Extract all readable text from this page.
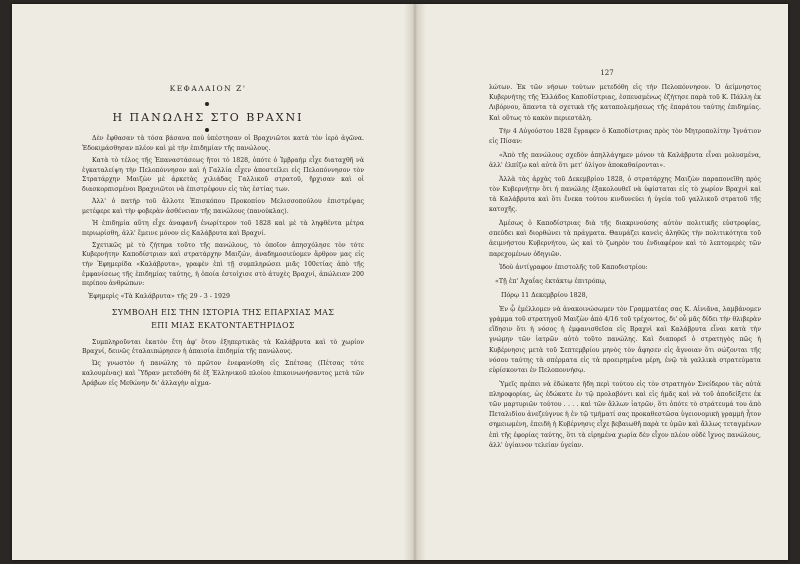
ΚΕΦΑΛΑΙΟΝ Ζ'
Η ΠΑΝΩΛΗΣ ΣΤΟ ΒΡΑΧΝΙ

Δὲν ἔφθασαν τὰ τόσα βάσανα ποὺ ὑπέστησαν οἱ Βραχνιῶτοι κατὰ τὸν ἱερὸ ἀγῶνα. Ἐδοκιμάσθησαν πλέον καὶ μὲ τὴν ἐπιδημίαν τῆς πανώλους.

Κατὰ τὸ τέλος τῆς Ἐπαναστάσεως ἤτοι τὸ 1828, ὁπότε ὁ Ἰμβραὴμ εἶχε διαταχθῆ νὰ ἐγκαταλείψη τὴν Πελοπόννησον καὶ ἡ Γαλλία εἶχεν ἀποστείλει εἰς Πελοπόννησον τὸν Στρατάρχην Μαιζὼν μὲ ἀρκετὰς χιλιάδας Γαλλικοῦ στρατοῦ, ἤρχισαν καὶ οἱ διασκορπισμένοι Βραχνιῶτοι νὰ ἐπιστρέφουν εἰς τὰς ἑστίας των.

Ἀλλ' ὁ πατὴρ τοῦ ἄλλοτε Ἐπισκόπου Προκοπίου Μελισσοπούλου ἐπιστρέψας μετέφερε καὶ τὴν φοβερὰν ἀσθένειαν τῆς πανώλους (πανούκλας).

Ἡ ἐπιδημία αὕτη εἶχε ἀναφανῆ ἐνωρίτερον τοῦ 1828 καὶ μὲ τὰ ληφθέντα μέτρα περιωρίσθη, ἀλλ' ἔμεινε μόνον εἰς Καλάβρυτα καὶ Βραχνί.

Σχετικῶς μὲ τὸ ζήτημα τοῦτο τῆς πανώλους, τὸ ὁποῖον ἀπησχόλησε τὸν τότε Κυβερνήτην Καποδίστριαν καὶ στρατάρχην Μαιζών, ἀναδημοσιεύομεν ἄρθρον μας εἰς τὴν Ἐφημερίδα «Καλάβρυτα», γραφὲν ἐπὶ τῇ συμπληρώσει μιᾶς 100ετίας ἀπὸ τῆς ἐμφανίσεως τῆς ἐπιδημίας ταύτης, ἡ ὁποία ἐστοίχισε στὸ ἀτυχὲς Βραχνί, ἀπώλειαν 200 περίπου ἀνθρώπων:

Ἐφημερὶς «Τὰ Καλάβρυτα» τῆς 29 - 3 - 1929
ΣΥΜΒΟΛΗ ΕΙΣ ΤΗΝ ΙΣΤΟΡΙΑ ΤΗΣ ΕΠΑΡΧΙΑΣ ΜΑΣ
ΕΠΙ ΜΙΑΣ ΕΚΑΤΟΝΤΑΕΤΗΡΙΔΟΣ

Συμπληροῦνται ἑκατὸν ἔτη ἀφ' ὅτου ἐξηπερτικὰς τὰ Καλάβρυτα καὶ τὸ χωρίον Βραχνί, δεινῶς ἐταλαιπώρησεν ἡ ἀπαισία ἐπιδημία τῆς πανώλους.

Ὡς γνωστὸν ἡ πανώλης τὸ πρῶτον ἐνεφανίσθη εἰς Σπέτσας (Πέτσας τότε καλουμένας) καὶ Ὕδραν μετεδόθη δὲ ἐξ Ἑλληνικοῦ πλοίου ἐπικοινωνήσαντος μετὰ τῶν Ἀράβων εἰς Μεθώνην δι' ἀλλαγὴν αἰχμα-

127

λώτων. Ἐκ τῶν νήσων τούτων μετεδόθη εἰς τὴν Πελοπόννησον. Ὁ ἀείμνηστος Κυβερνήτης τῆς Ἑλλάδος Καποδίστριας, ἐσπευσμένως ἐζήτησε παρὰ τοῦ Κ. Πάλλη ἐκ Λιβόρνου, ἅπαντα τὰ σχετικὰ τῆς καταπολεμήσεως τῆς ἐπαράτου ταύτης ἐπιδημίας. Καὶ οὕτως τὸ κακὸν περιεστάλη.

Τὴν 4 Αὐγούστου 1828 ἔγραφεν ὁ Καποδίστριας πρὸς τὸν Μητροπολίτην Ἰγνάτιον εἰς Πίσαν:

«Ἀπὸ τῆς πανώλους σχεδὸν ἀπηλλάγημεν μόνον τὰ Καλάβρυτα εἶναι μολυσμένα, ἀλλ' ἐλπίζω καὶ αὐτὰ ὅτι μετ' ὀλίγον ἀποκαθαίρονται».

Ἀλλὰ τὰς ἀρχὰς τοῦ Δεκεμβρίου 1828, ὁ στρατάρχης Μαιζὼν παραπονεῖθη πρὸς τὸν Κυβερνήτην ὅτι ἡ πανώλης ἐξακολουθεῖ νὰ ὑφίσταται εἰς τὸ χωρίον Βραχνὶ καὶ τὰ Καλάβρυτα καὶ ὅτι ἕνεκα τούτου κινδυνεύει ἡ ὑγεία τοῦ γαλλικοῦ στρατοῦ τῆς κατοχῆς.

Ἀμέσως ὁ Καποδίστριας διὰ τῆς διακρινούσης αὐτὸν πολιτικῆς εὐστροφίας, σπεύδει καὶ διορθώνει τὰ πράγματα. Θαυμάζει κανεὶς ἀληθῶς τὴν πολιτικότητα τοῦ ἀειμνήστου Κυβερνήτου, ὡς καὶ τὸ ζωηρὸν του ἐνδιαφέρον καὶ τὸ λεπτομερὲς τῶν παρεχομένων ὁδηγιῶν.

Ἰδοὺ ἀντίγραφον ἐπιστολῆς τοῦ Καποδιστρίου:

«Τῇ ἐπ' Ἀχαΐας ἐκτάκτῳ ἐπιτρόπῳ,
Πόρῳ 11 Δεκεμβρίου 1828,

Ἐν ᾧ ἐμέλλομεν νὰ ἀνακοινώσωμεν τὸν Γραμματέας σας Κ. Αἰνιᾶνα, λαμβάνομεν γράμμα τοῦ στρατηγοῦ Μαιζὼν ἀπὸ 4/16 τοῦ τρέχοντος, δι' οὗ μᾶς δίδει τὴν θλιβερὰν εἴδησιν ὅτι ἡ νόσος ἡ ἐμφανισθεῖσα εἰς Βραχνὶ καὶ Καλάβρυτα εἶναι κατὰ τὴν γνώμην τῶν ἰατρῶν αὐτὸ τοῦτο πανώλης. Καὶ διαπορεῖ ὁ στρατηγὸς πῶς ἡ Κυβέρνησις μετὰ τοῦ Σεπτεμβρίου μηνὸς τὸν ἄφησεν εἰς ἄγνοιαν ὅτι σώζονται τῆς νόσου ταύτης τὰ σπέρματα εἰς τὰ προειρημένα μέρη, ἐνῷ τὰ γαλλικὰ στρατεύματα εὑρίσκονται ἐν Πελοποννήσῳ.

Ὑμεῖς πρέπει νὰ ἐδώκατε ἤδη περὶ τούτου εἰς τὸν στρατηγὸν Σνείδερον τὰς αὐτὰ πληροφορίας, ὡς ἐδώκατε ἐν τῷ προλαβόντι καὶ εἰς ἡμᾶς καὶ νὰ τοῦ ἀποδείξετε ἐκ τῶν μαρτυριῶν τούτου . . . . καὶ τῶν ἄλλων ἰατρῶν, ὅτι ὁπότε τὸ στράτευμά του ἀπὸ Πεταλιδίου ἀνεζεύγνυε ἡ ἐν τῷ τμήματί σας προκαθεστῶσα ὑγειονομικὴ γραμμὴ ἦτον σημειωμένη, ἐπειδὴ ἡ Κυβέρνησις εἶχε βεβαιωθῆ παρὰ τε ὑμῶν καὶ ἄλλως τεταγμένων ἐπὶ τῆς ἐφορίας ταύτης, ὅτι τὰ εἰρημένα χωρία δὲν εἶχον πλέον οὐδὲ ἴχνος πανώλους, ἀλλ' ὑγίαινον τελείαν ὑγείαν.
